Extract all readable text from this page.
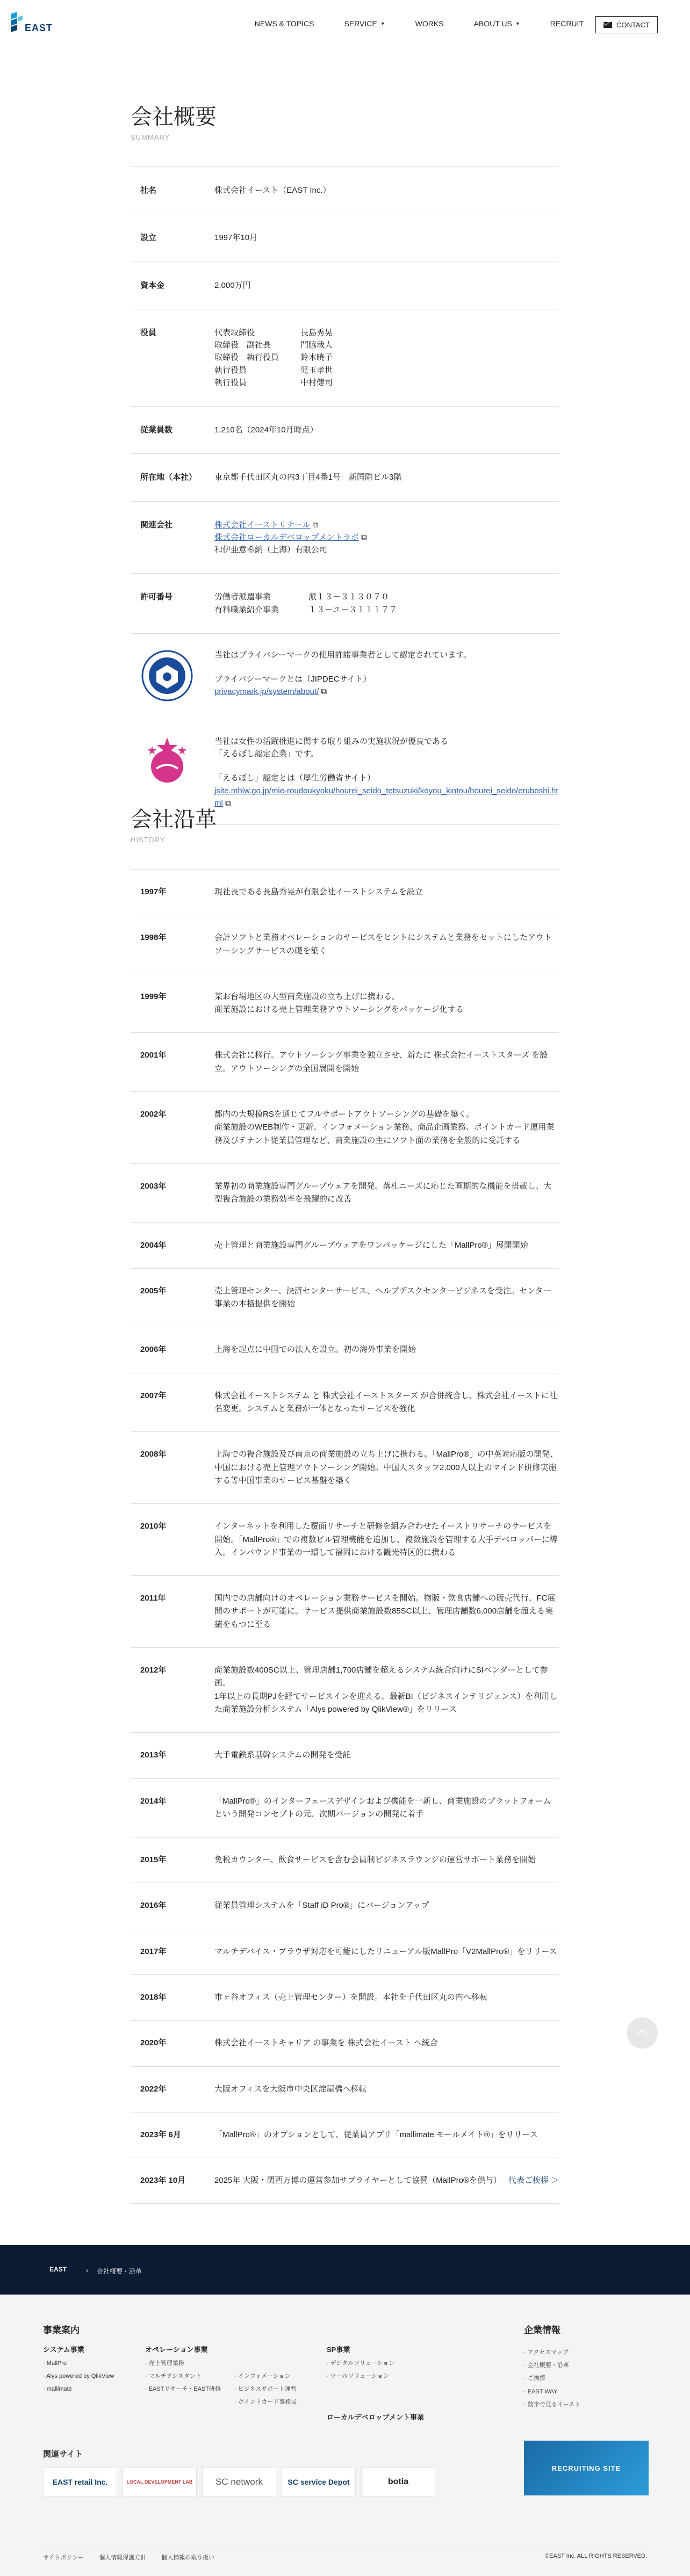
EAST	NEWS & TOPICS	SERVICE ▼	WORKS	ABOUT US ▼	RECRUIT	CONTACT
会社概要
SUMMARY
社名	株式会社イースト（EAST Inc.）
設立	1997年10月
資本金	2,000万円
役員	代表取締役	長島秀晃
取締役　副社長	門脇哉人
取締役　執行役員	鈴木暁子
執行役員	児玉孝世
執行役員	中村健司
従業員数	1,210名（2024年10月時点）
所在地（本社）	東京都千代田区丸の内3丁目4番1号　新国際ビル3階
関連会社	株式会社イーストリテール ⧉
株式会社ローカルデベロップメントラボ ⧉
和伊亜意希納（上海）有限公司
許可番号	労働者派遣事業	派１３－３１３０７０
有料職業紹介事業	１３－ユ－３１１１７７
当社はプライバシーマークの使用許諾事業者として認定されています。
プライバシーマークとは（JIPDECサイト）
privacymark.jp/system/about/ ⧉
当社は女性の活躍推進に関する取り組みの実施状況が優良である
「えるぼし認定企業」です。
「えるぼし」認定とは（厚生労働省サイト）
jsite.mhlw.go.jp/mie-roudoukyoku/hourei_seido_tetsuzuki/koyou_kintou/hourei_seido/eruboshi.html ⧉
会社沿革
HISTORY
1997年	現社長である長島秀晃が有限会社イーストシステムを設立
1998年	会計ソフトと業務オペレーションのサービスをヒントにシステムと業務をセットにしたアウトソーシングサービスの礎を築く
1999年	某お台場地区の大型商業施設の立ち上げに携わる。
商業施設における売上管理業務アウトソーシングをパッケージ化する
2001年	株式会社に移行。アウトソーシング事業を独立させ、新たに 株式会社イーストスターズ を設立。アウトソーシングの全国展開を開始
2002年	都内の大規模RSを通じてフルサポートアウトソーシングの基礎を築く。
商業施設のWEB制作・更新、インフォメーション業務、商品企画業務、ポイントカード運用業務及びテナント従業員管理など、商業施設の主にソフト面の業務を全般的に受託する
2003年	業界初の商業施設専門グループウェアを開発。落札ニーズに応じた画期的な機能を搭載し、大型複合施設の業務効率を飛躍的に改善
2004年	売上管理と商業施設専門グループウェアをワンパッケージにした「MallPro®」展開開始
2005年	売上管理センター、決済センターサービス、ヘルプデスクセンタービジネスを受注。センター事業の本格提供を開始
2006年	上海を起点に中国での法人を設立。初の海外事業を開始
2007年	株式会社イーストシステム と 株式会社イーストスターズ が合併統合し、株式会社イーストに社名変更。システムと業務が一体となったサービスを強化
2008年	上海での複合施設及び南京の商業施設の立ち上げに携わる。「MallPro®」の中英対応版の開発、中国における売上管理アウトソーシング開始。中国人スタッフ2,000人以上のマインド研修実施する等中国事業のサービス基盤を築く
2010年	インターネットを利用した覆面リサーチと研修を組み合わせたイーストリサーチのサービスを開始。「MallPro®」での複数ビル管理機能を追加し、複数施設を管理する大手デベロッパーに導入。インバウンド事業の一環して福岡における観光特区的に携わる
2011年	国内での店舗向けのオペレーション業務サービスを開始。物販・飲食店舗への販売代行、FC展開のサポートが可能に。サービス提供商業施設数85SC以上、管理店舗数6,000店舗を超える実績をもつに至る
2012年	商業施設数400SC以上、管理店舗1,700店舗を超えるシステム統合向けにSIベンダーとして参画。
1年以上の長期PJを経てサービスインを迎える。最新BI（ビジネスインテリジェンス）を利用した商業施設分析システム「Alys powered by QlikView®」をリリース
2013年	大手電鉄系基幹システムの開発を受託
2014年	「MallPro®」のインターフェースデザインおよび機能を一新し、商業施設のプラットフォームという開発コンセプトの元、次期バージョンの開発に着手
2015年	免税カウンター、飲食サービスを含む会員制ビジネスラウンジの運営サポート業務を開始
2016年	従業員管理システムを「Staff iD Pro®」にバージョンアップ
2017年	マルチデバイス・ブラウザ対応を可能にしたリニューアル版MallPro「V2MallPro®」をリリース
2018年	市ヶ谷オフィス（売上管理センター）を開設。本社を千代田区丸の内へ移転
2020年	株式会社イーストキャリア の事業を 株式会社イースト へ統合
2022年	大阪オフィスを大阪市中央区淀屋橋へ移転
2023年 6月	「MallPro®」のオプションとして、従業員アプリ「mallimate モールメイト®」をリリース
2023年 10月	2025年 大阪・関西万博の運営参加サプライヤーとして協賛（MallPro®を供与） 代表ご挨拶 ＞
EAST	› 会社概要・沿革
事業案内
システム事業
· MallPro
· Alys powered by QlikView
· mallimate
オペレーション事業
· 売上管理業務
· マルチアシスタント
· EASTリサーチ・EAST研修
· インフォメーション
· ビジネスサポート運営
· ポイントカード事務局
SP事業
· デジタルソリューション
· ツールソリューション
ローカルデベロップメント事業
企業情報
· アクセスマップ
· 会社概要・沿革
· ご挨拶
· EAST WAY
· 数字で見るイースト
関連サイト
EAST retail Inc.	LOCAL DEVELOPMENT LAB	SC network	SC service Depot	botia
RECRUITING SITE
サイトポリシー	個人情報保護方針	個人情報の取り扱い	©EAST Inc. ALL RIGHTS RESERVED.
